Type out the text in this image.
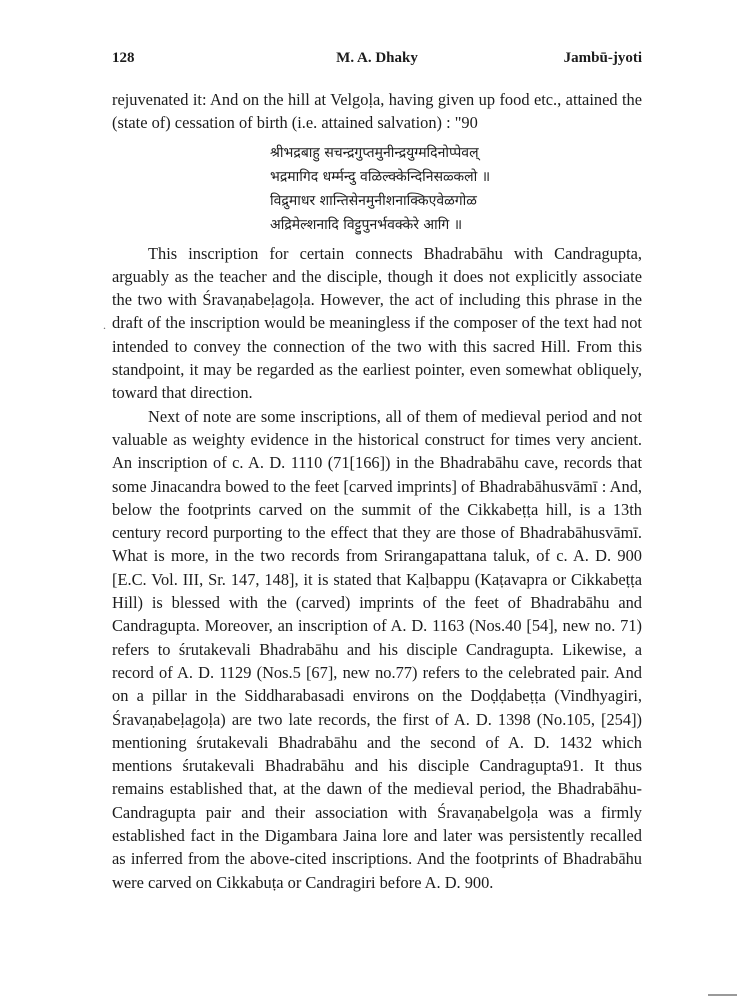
128	M. A. Dhaky	Jambū-jyoti
.

rejuvenated it: And on the hill at Velgoḷa, having given up food etc., attained the (state of) cessation of birth (i.e. attained salvation) : "90

श्रीभद्रबाहु सचन्द्रगुप्तमुनीन्द्रयुग्मदिनोप्पेवल्
भद्रमागिद धर्म्मन्दु वळिल्क्केन्दिनिसळ्कलो ॥
विद्रुमाधर शान्तिसेनमुनीशनाक्किएवेळगोळ
अद्रिमेल्शनादि विट्टुपुनर्भवक्केरे आगि ॥

This inscription for certain connects Bhadrabāhu with Candragupta, arguably as the teacher and the disciple, though it does not explicitly associate the two with Śravaṇabeḷagoḷa. However, the act of including this phrase in the draft of the inscription would be meaningless if the composer of the text had not intended to convey the connection of the two with this sacred Hill. From this standpoint, it may be regarded as the earliest pointer, even somewhat obliquely, toward that direction.

Next of note are some inscriptions, all of them of medieval period and not valuable as weighty evidence in the historical construct for times very ancient. An inscription of c. A. D. 1110 (71[166]) in the Bhadrabāhu cave, records that some Jinacandra bowed to the feet [carved imprints] of Bhadrabāhusvāmī : And, below the footprints carved on the summit of the Cikkabeṭṭa hill, is a 13th century record purporting to the effect that they are those of Bhadrabāhusvāmī. What is more, in the two records from Srirangapattana taluk, of c. A. D. 900 [E.C. Vol. III, Sr. 147, 148], it is stated that Kaḷbappu (Kaṭavapra or Cikkabeṭṭa Hill) is blessed with the (carved) imprints of the feet of Bhadrabāhu and Candragupta. Moreover, an inscription of A. D. 1163 (Nos.40 [54], new no. 71) refers to śrutakevali Bhadrabāhu and his disciple Candragupta. Likewise, a record of A. D. 1129 (Nos.5 [67], new no.77) refers to the celebrated pair. And on a pillar in the Siddharabasadi environs on the Doḍḍabeṭṭa (Vindhyagiri, Śravaṇabeḷagoḷa) are two late records, the first of A. D. 1398 (No.105, [254]) mentioning śrutakevali Bhadrabāhu and the second of A. D. 1432 which mentions śrutakevali Bhadrabāhu and his disciple Candragupta91. It thus remains established that, at the dawn of the medieval period, the Bhadrabāhu-Candragupta pair and their association with Śravaṇabelgoḷa was a firmly established fact in the Digambara Jaina lore and later was persistently recalled as inferred from the above-cited inscriptions. And the footprints of Bhadrabāhu were carved on Cikkabuṭa or Candragiri before A. D. 900.
